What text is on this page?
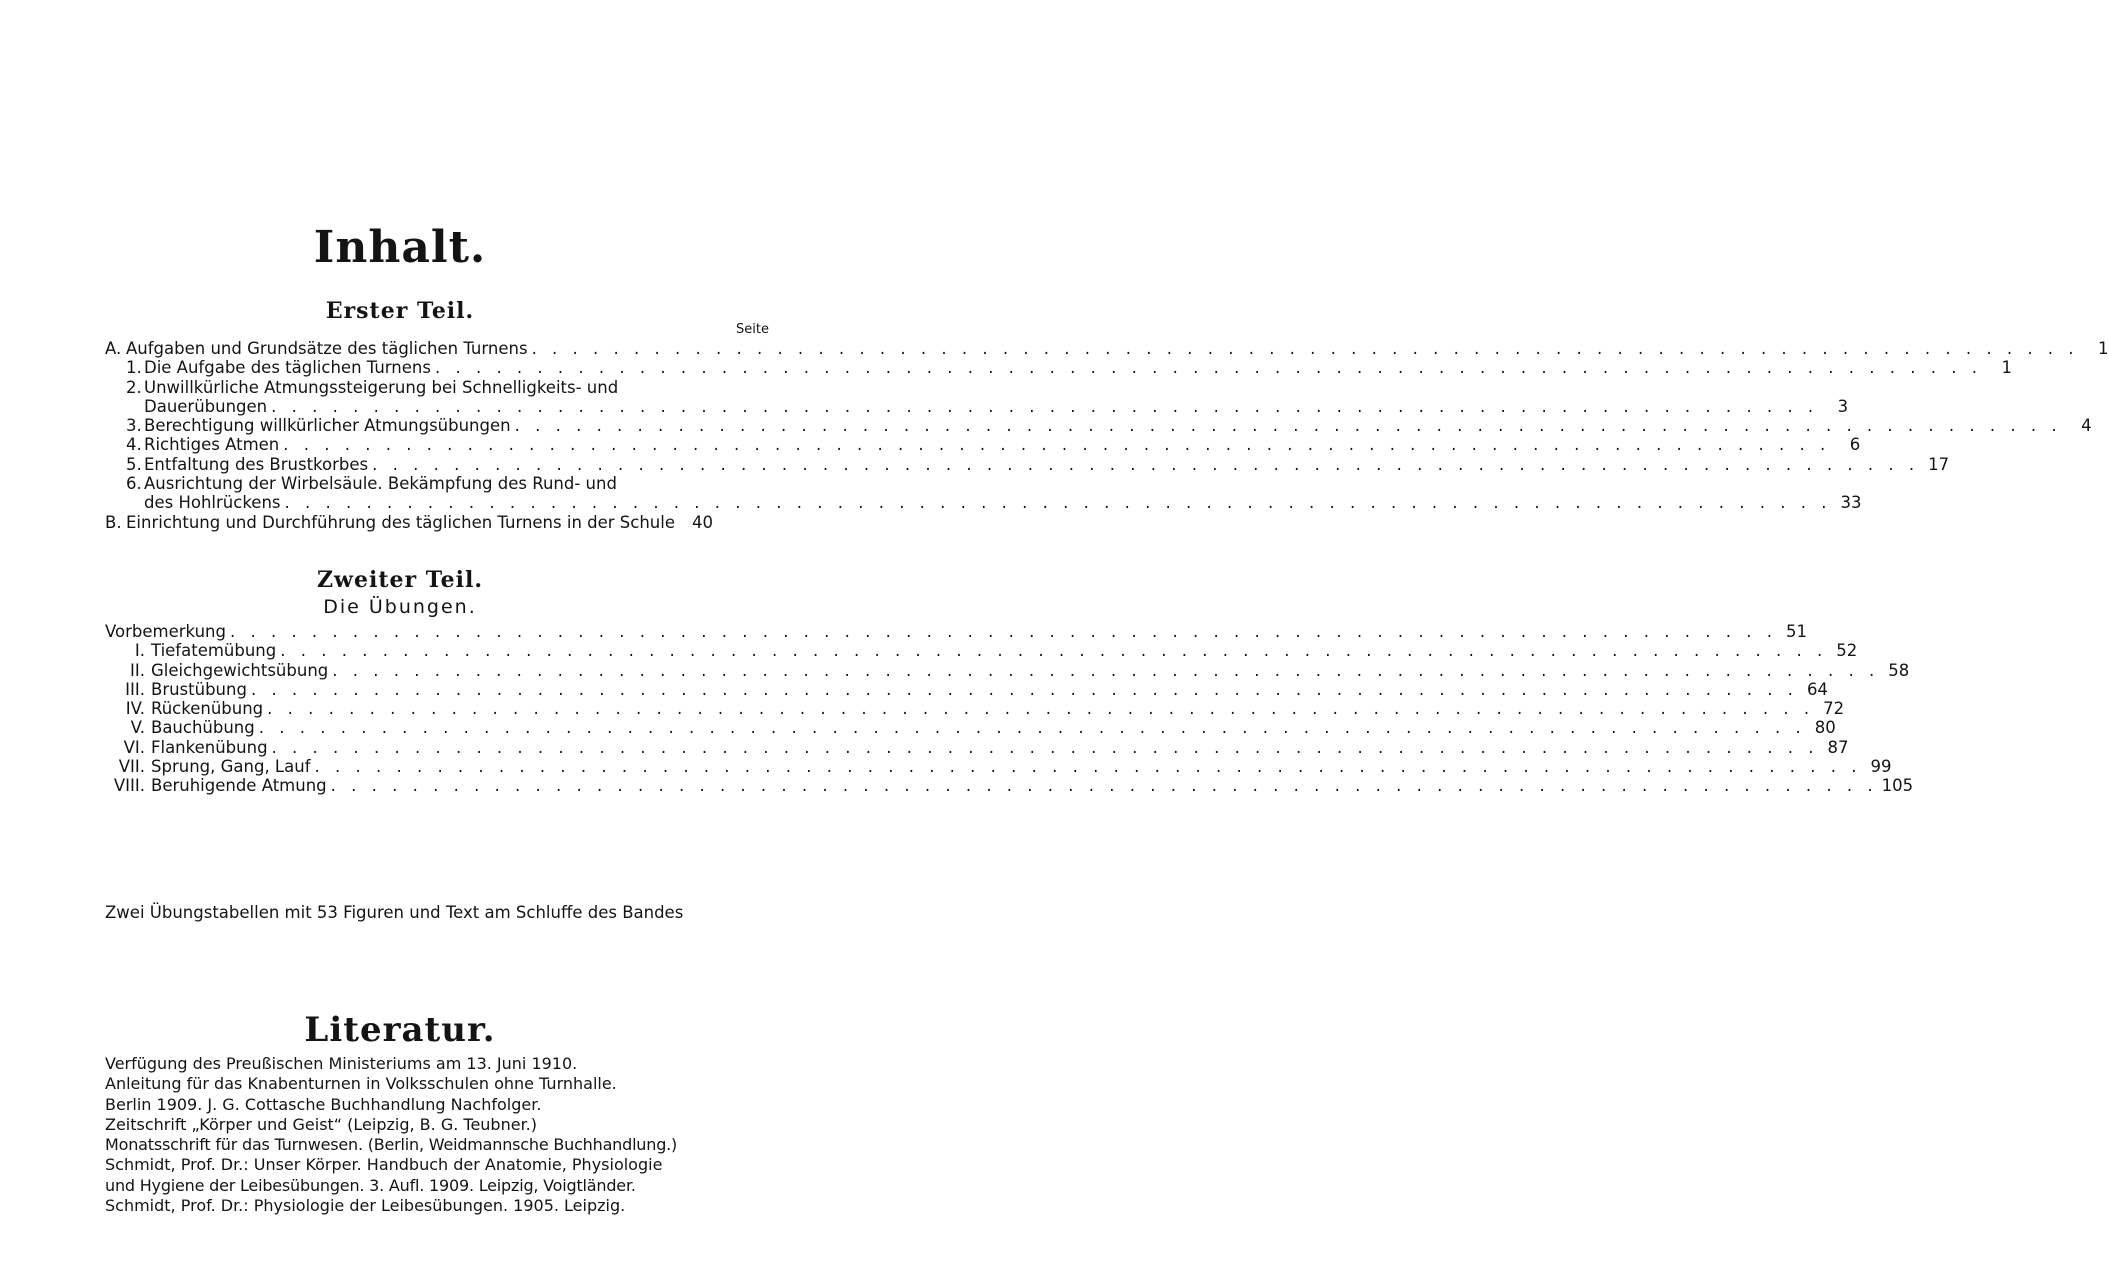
Inhalt.
Erster Teil.
Seite
A. Aufgaben und Grundsätze des täglichen Turnens . . .	1
1. Die Aufgabe des täglichen Turnens . . .	1
2. Unwillkürliche Atmungssteigerung bei Schnelligkeits- und
Dauerübungen . . .	3
3. Berechtigung willkürlicher Atmungsübungen . . .	4
4. Richtiges Atmen . . .	6
5. Entfaltung des Brustkorbes . . .	17
6. Ausrichtung der Wirbelsäule. Bekämpfung des Rund- und
des Hohlrückens . . .	33
B. Einrichtung und Durchführung des täglichen Turnens in der Schule	40
Zweiter Teil.
Die Übungen.
Vorbemerkung . . .	51
I. Tiefatemübung . . .	52
II. Gleichgewichtsübung . . .	58
III. Brustübung . . .	64
IV. Rückenübung . . .	72
V. Bauchübung . . .	80
VI. Flankenübung . . .	87
VII. Sprung, Gang, Lauf . . .	99
VIII. Beruhigende Atmung . . .	105
Zwei Übungstabellen mit 53 Figuren und Text am Schluffe des Bandes
Literatur.
Verfügung des Preußischen Ministeriums am 13. Juni 1910.
Anleitung für das Knabenturnen in Volksschulen ohne Turnhalle.
Berlin 1909. J. G. Cottasche Buchhandlung Nachfolger.
Zeitschrift „Körper und Geist“ (Leipzig, B. G. Teubner.)
Monatsschrift für das Turnwesen. (Berlin, Weidmannsche Buchhandlung.)
Schmidt, Prof. Dr.: Unser Körper. Handbuch der Anatomie, Physiologie
und Hygiene der Leibesübungen. 3. Aufl. 1909. Leipzig, Voigtländer.
Schmidt, Prof. Dr.: Physiologie der Leibesübungen. 1905. Leipzig.
